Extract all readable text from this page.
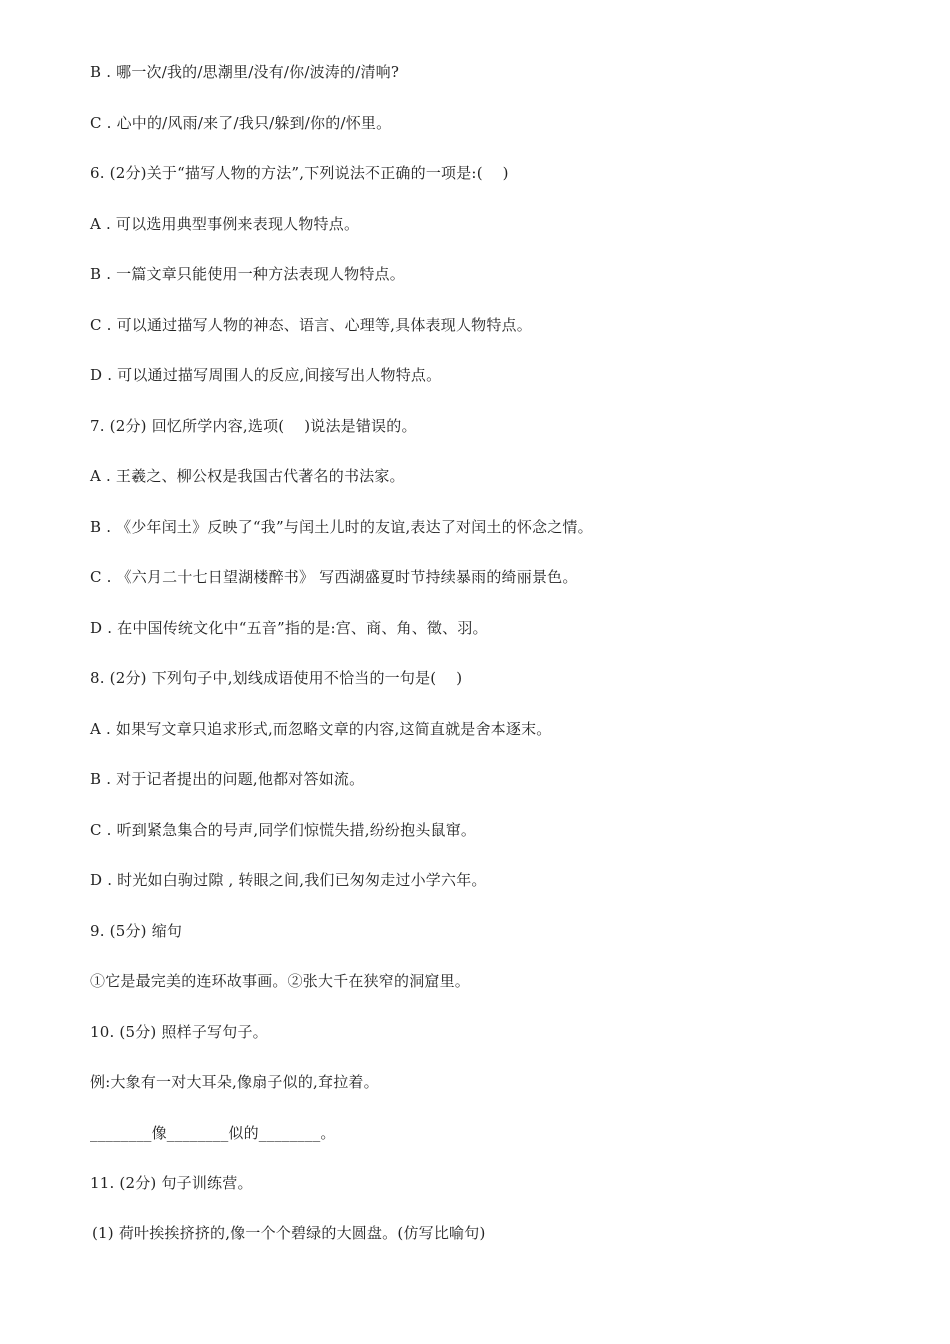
B . 哪一次/我的/思潮里/没有/你/波涛的/清响?
C . 心中的/风雨/来了/我只/躲到/你的/怀里。
6. (2分)关于“描写人物的方法”,下列说法不正确的一项是:(    )
A . 可以选用典型事例来表现人物特点。
B . 一篇文章只能使用一种方法表现人物特点。
C . 可以通过描写人物的神态、语言、心理等,具体表现人物特点。
D . 可以通过描写周围人的反应,间接写出人物特点。
7. (2分) 回忆所学内容,选项(    )说法是错误的。
A . 王羲之、柳公权是我国古代著名的书法家。
B . 《少年闰土》反映了“我”与闰土儿时的友谊,表达了对闰土的怀念之情。
C . 《六月二十七日望湖楼醉书》 写西湖盛夏时节持续暴雨的绮丽景色。
D . 在中国传统文化中“五音”指的是:宫、商、角、徵、羽。
8. (2分) 下列句子中,划线成语使用不恰当的一句是(    )
A . 如果写文章只追求形式,而忽略文章的内容,这简直就是舍本逐末。
B . 对于记者提出的问题,他都对答如流。
C . 听到紧急集合的号声,同学们惊慌失措,纷纷抱头鼠窜。
D . 时光如白驹过隙 , 转眼之间,我们已匆匆走过小学六年。
9. (5分) 缩句
①它是最完美的连环故事画。②张大千在狭窄的洞窟里。
10. (5分) 照样子写句子。
例:大象有一对大耳朵,像扇子似的,耷拉着。
________像________似的________。
11. (2分) 句子训练营。
(1) 荷叶挨挨挤挤的,像一个个碧绿的大圆盘。(仿写比喻句)
